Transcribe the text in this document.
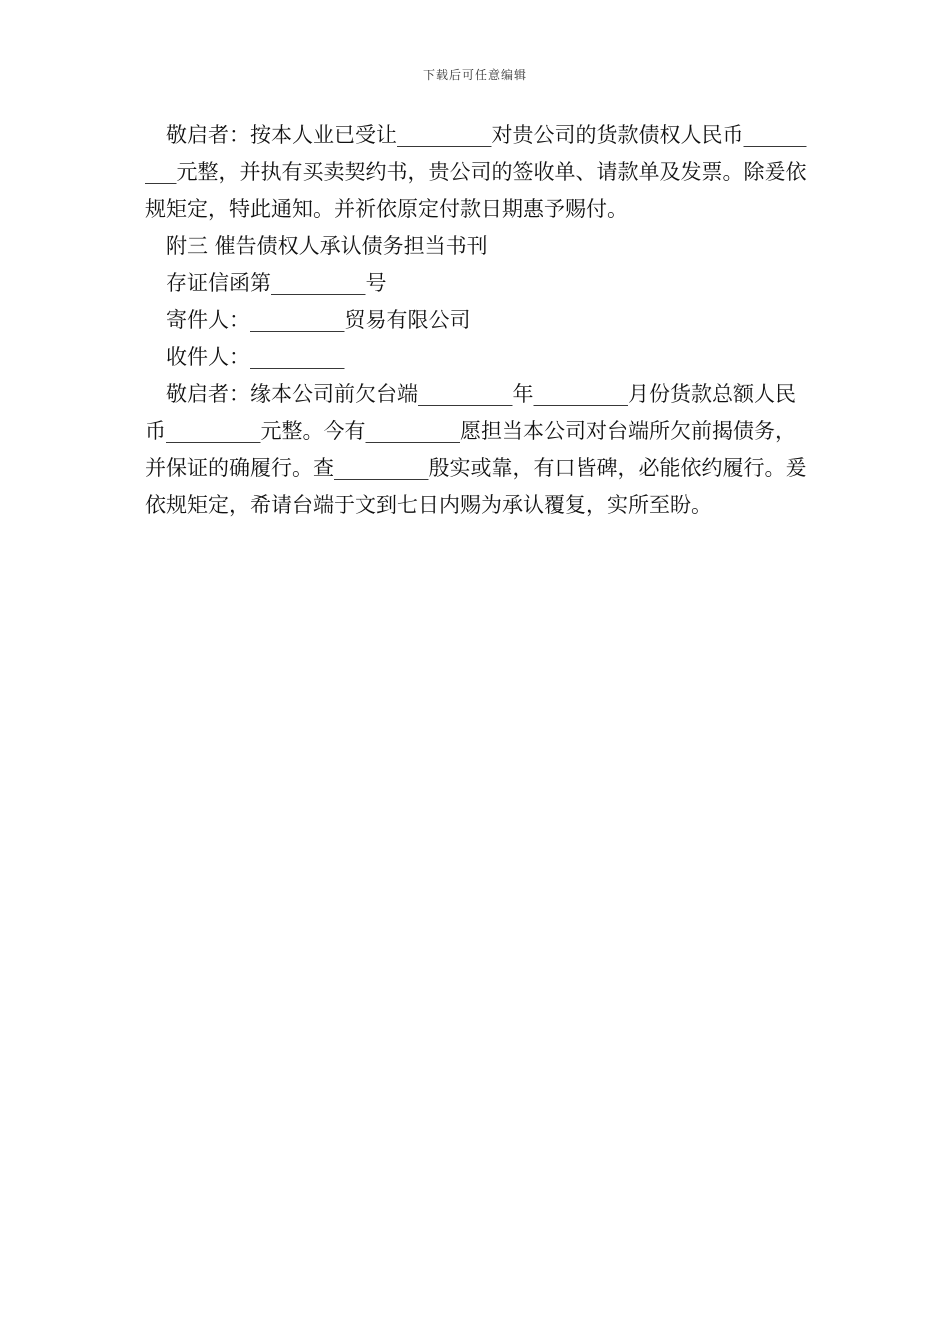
下载后可任意编辑

敬启者：按本人业已受让_________对贵公司的货款债权人民币_________元整，并执有买卖契约书，贵公司的签收单、请款单及发票。除爰依规矩定，特此通知。并祈依原定付款日期惠予赐付。

附三 催告债权人承认债务担当书刊

存证信函第_________号

寄件人：_________贸易有限公司

收件人：_________

敬启者：缘本公司前欠台端_________年_________月份货款总额人民币_________元整。今有_________愿担当本公司对台端所欠前揭债务，并保证的确履行。查_________殷实或靠，有口皆碑，必能依约履行。爰依规矩定，希请台端于文到七日内赐为承认覆复，实所至盼。
